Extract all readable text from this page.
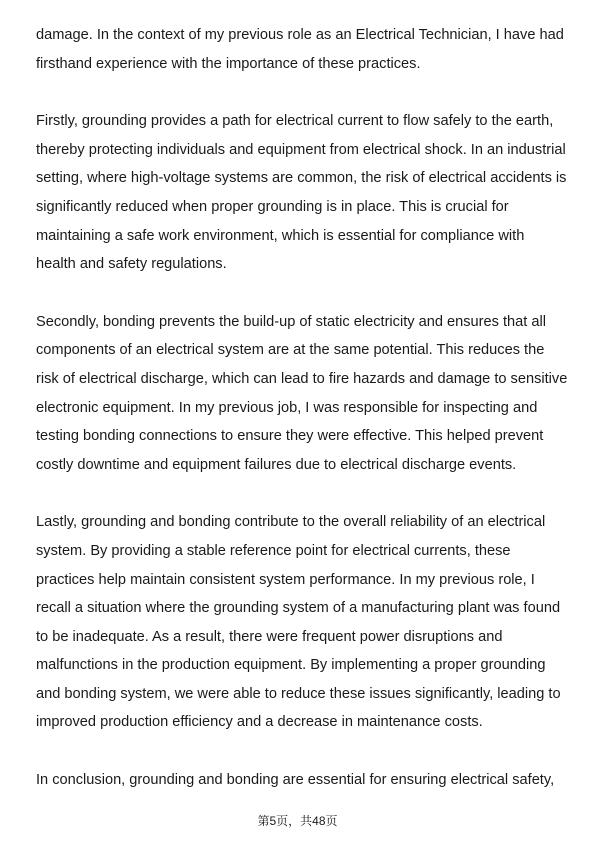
damage. In the context of my previous role as an Electrical Technician, I have had
firsthand experience with the importance of these practices.
Firstly, grounding provides a path for electrical current to flow safely to the earth,
thereby protecting individuals and equipment from electrical shock. In an industrial
setting, where high-voltage systems are common, the risk of electrical accidents is
significantly reduced when proper grounding is in place. This is crucial for
maintaining a safe work environment, which is essential for compliance with
health and safety regulations.
Secondly, bonding prevents the build-up of static electricity and ensures that all
components of an electrical system are at the same potential. This reduces the
risk of electrical discharge, which can lead to fire hazards and damage to sensitive
electronic equipment. In my previous job, I was responsible for inspecting and
testing bonding connections to ensure they were effective. This helped prevent
costly downtime and equipment failures due to electrical discharge events.
Lastly, grounding and bonding contribute to the overall reliability of an electrical
system. By providing a stable reference point for electrical currents, these
practices help maintain consistent system performance. In my previous role, I
recall a situation where the grounding system of a manufacturing plant was found
to be inadequate. As a result, there were frequent power disruptions and
malfunctions in the production equipment. By implementing a proper grounding
and bonding system, we were able to reduce these issues significantly, leading to
improved production efficiency and a decrease in maintenance costs.
In conclusion, grounding and bonding are essential for ensuring electrical safety,
第5页，共48页
